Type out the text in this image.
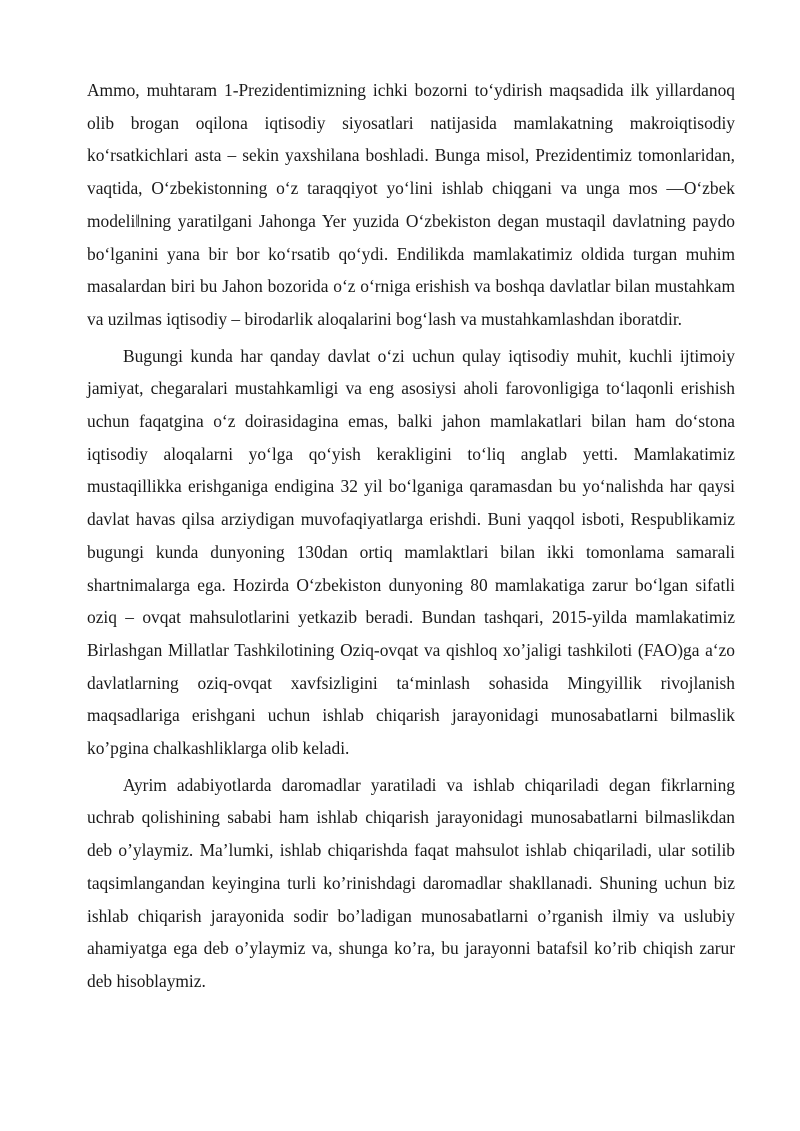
Ammo, muhtaram 1-Prezidentimizning ichki bozorni to‘ydirish maqsadida ilk yillardanoq olib brogan oqilona iqtisodiy siyosatlari natijasida mamlakatning makroiqtisodiy ko‘rsatkichlari asta – sekin yaxshilana boshladi. Bunga misol, Prezidentimiz tomonlaridan, vaqtida, O‘zbekistonning o‘z taraqqiyot yo‘lini ishlab chiqgani va unga mos ―O‘zbek modeli‖ning yaratilgani Jahonga Yer yuzida O‘zbekiston degan mustaqil davlatning paydo bo‘lganini yana bir bor ko‘rsatib qo‘ydi. Endilikda mamlakatimiz oldida turgan muhim masalardan biri bu Jahon bozorida o‘z o‘rniga erishish va boshqa davlatlar bilan mustahkam va uzilmas iqtisodiy – birodarlik aloqalarini bog‘lash va mustahkamlashdan iboratdir.

Bugungi kunda har qanday davlat o‘zi uchun qulay iqtisodiy muhit, kuchli ijtimoiy jamiyat, chegaralari mustahkamligi va eng asosiysi aholi farovonligiga to‘laqonli erishish uchun faqatgina o‘z doirasidagina emas, balki jahon mamlakatlari bilan ham do‘stona iqtisodiy aloqalarni yo‘lga qo‘yish kerakligini to‘liq anglab yetti. Mamlakatimiz mustaqillikka erishganiga endigina 32 yil bo‘lganiga qaramasdan bu yo‘nalishda har qaysi davlat havas qilsa arziydigan muvofaqiyatlarga erishdi. Buni yaqqol isboti, Respublikamiz bugungi kunda dunyoning 130dan ortiq mamlaktlari bilan ikki tomonlama samarali shartnimalarga ega. Hozirda O‘zbekiston dunyoning 80 mamlakatiga zarur bo‘lgan sifatli oziq – ovqat mahsulotlarini yetkazib beradi. Bundan tashqari, 2015-yilda mamlakatimiz Birlashgan Millatlar Tashkilotining Oziq-ovqat va qishloq xo’jaligi tashkiloti (FAO)ga a‘zo davlatlarning oziq-ovqat xavfsizligini ta‘minlash sohasida Mingyillik rivojlanish maqsadlariga erishgani uchun ishlab chiqarish jarayonidagi munosabatlarni bilmaslik ko’pgina chalkashliklarga olib keladi.

Ayrim adabiyotlarda daromadlar yaratiladi va ishlab chiqariladi degan fikrlarning uchrab qolishining sababi ham ishlab chiqarish jarayonidagi munosabatlarni bilmaslikdan deb o’ylaymiz. Ma’lumki, ishlab chiqarishda faqat mahsulot ishlab chiqariladi, ular sotilib taqsimlangandan keyingina turli ko’rinishdagi daromadlar shakllanadi. Shuning uchun biz ishlab chiqarish jarayonida sodir bo’ladigan munosabatlarni o’rganish ilmiy va uslubiy ahamiyatga ega deb o’ylaymiz va, shunga ko’ra, bu jarayonni batafsil ko’rib chiqish zarur deb hisoblaymiz.
